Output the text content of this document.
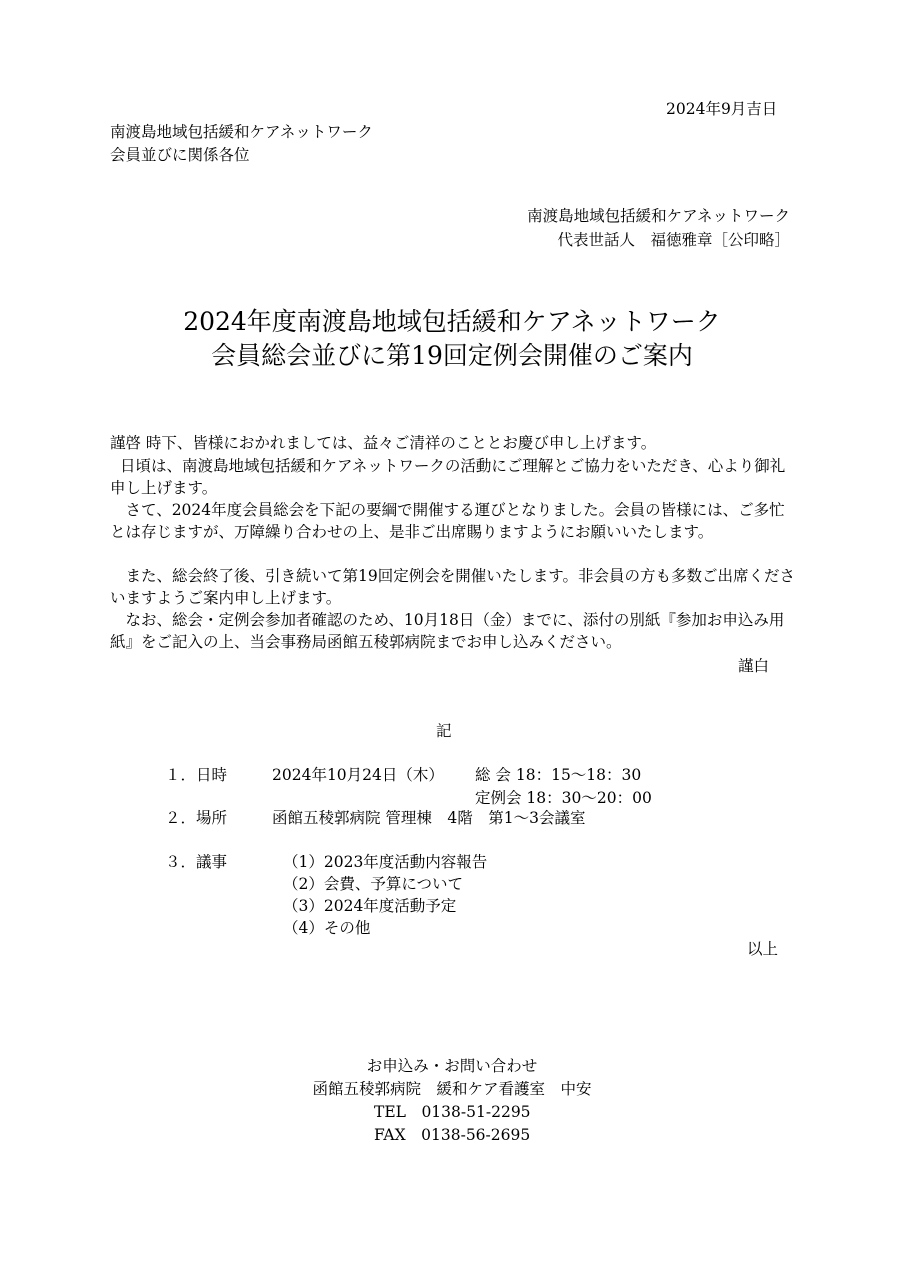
2024年9月吉日
南渡島地域包括緩和ケアネットワーク
会員並びに関係各位
南渡島地域包括緩和ケアネットワーク
代表世話人　福徳雅章［公印略］
2024年度南渡島地域包括緩和ケアネットワーク
会員総会並びに第19回定例会開催のご案内
謹啓 時下、皆様におかれましては、益々ご清祥のこととお慶び申し上げます。
日頃は、南渡島地域包括緩和ケアネットワークの活動にご理解とご協力をいただき、心より御礼申し上げます。
　さて、2024年度会員総会を下記の要綱で開催する運びとなりました。会員の皆様には、ご多忙とは存じますが、万障繰り合わせの上、是非ご出席賜りますようにお願いいたします。
　また、総会終了後、引き続いて第19回定例会を開催いたします。非会員の方も多数ご出席くださいますようご案内申し上げます。
　なお、総会・定例会参加者確認のため、10月18日（金）までに、添付の別紙『参加お申込み用紙』をご記入の上、当会事務局函館五稜郭病院までお申し込みください。
謹白
記
１．日時	2024年10月24日（木） 総 会 18：15～18：30
定例会 18：30～20：00
２．場所	函館五稜郭病院 管理棟　4階　第1～3会議室
３．議事	（1）2023年度活動内容報告
（2）会費、予算について
（3）2024年度活動予定
（4）その他
以上
お申込み・お問い合わせ
函館五稜郭病院　緩和ケア看護室　中安
TEL　0138-51-2295
FAX　0138-56-2695
